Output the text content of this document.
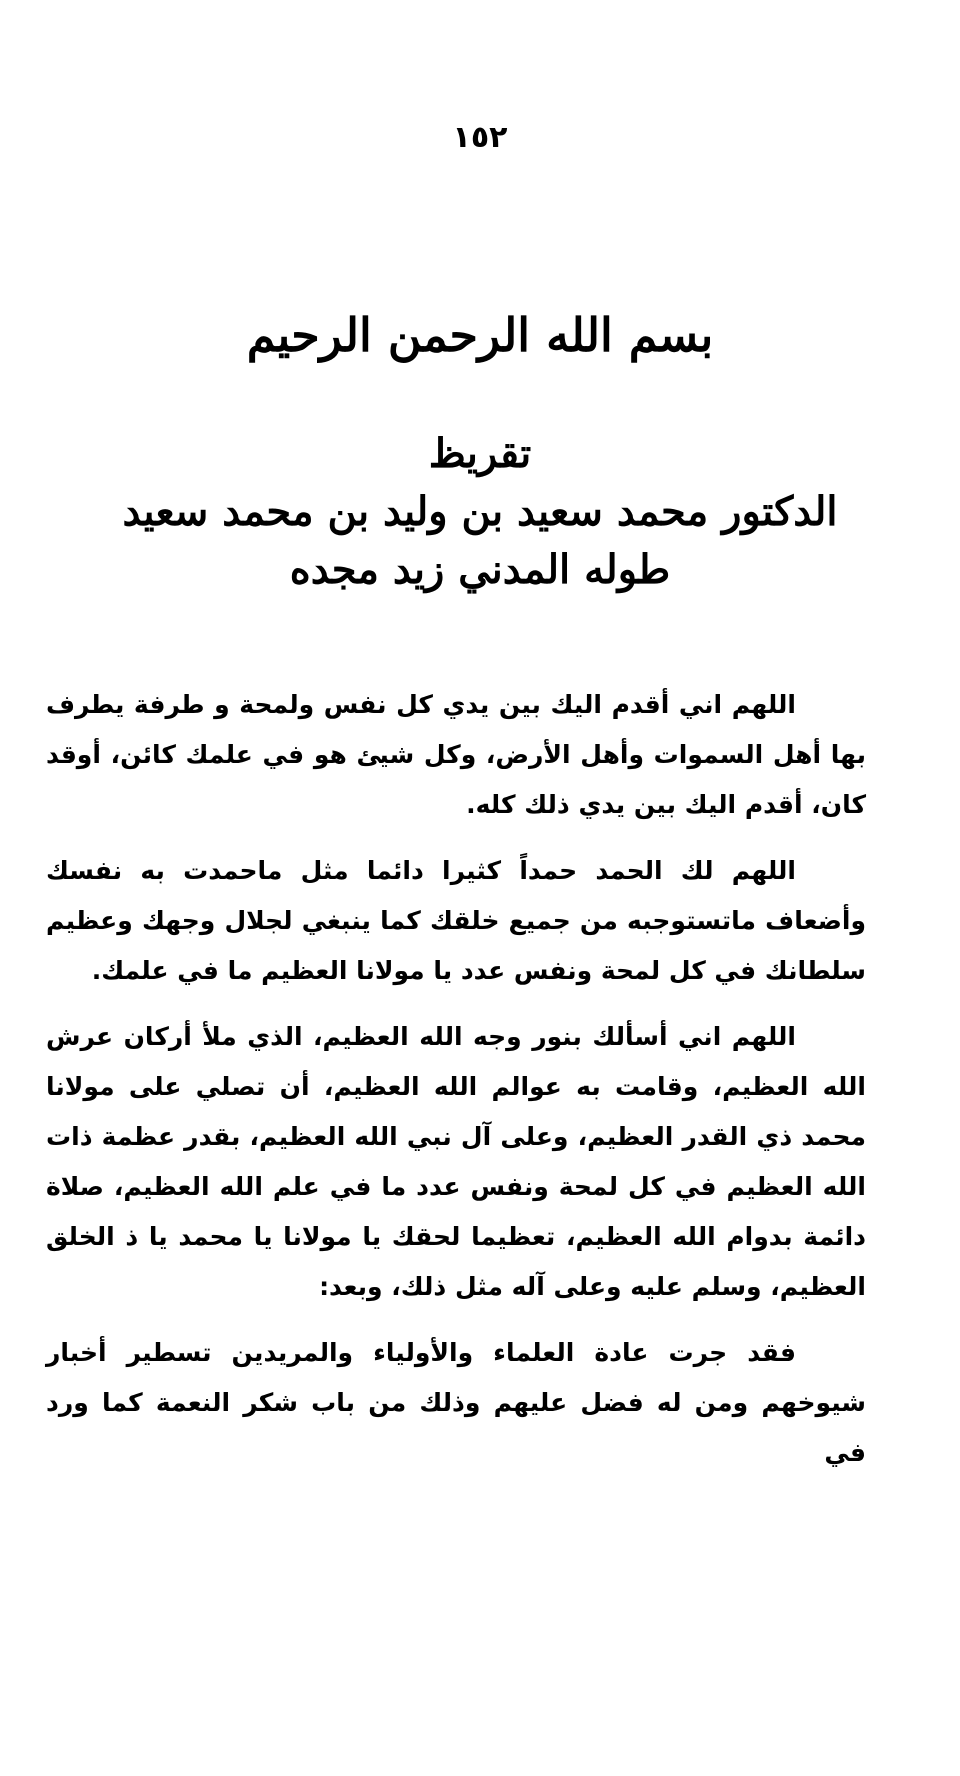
١٥٢
بسم الله الرحمن الرحيم
تقريظ
الدكتور محمد سعيد بن وليد بن محمد سعيد
طوله المدني زيد مجده

اللهم اني أقدم اليك بين يدي كل نفس ولمحة و طرفة يطرف بها أهل السموات وأهل الأرض، وكل شيئ هو في علمك كائن، أوقد كان، أقدم اليك بين يدي ذلك كله.

اللهم لك الحمد حمداً كثيرا دائما مثل ماحمدت به نفسك وأضعاف ماتستوجبه من جميع خلقك كما ينبغي لجلال وجهك وعظيم سلطانك في كل لمحة ونفس عدد يا مولانا العظيم ما في علمك.

اللهم اني أسألك بنور وجه الله العظيم، الذي ملأ أركان عرش الله العظيم، وقامت به عوالم الله العظيم، أن تصلي على مولانا محمد ذي القدر العظيم، وعلى آل نبي الله العظيم، بقدر عظمة ذات الله العظيم في كل لمحة ونفس عدد ما في علم الله العظيم، صلاة دائمة بدوام الله العظيم، تعظيما لحقك يا مولانا يا محمد يا ذ الخلق العظيم، وسلم عليه وعلى آله مثل ذلك، وبعد:

فقد جرت عادة العلماء والأولياء والمريدين تسطير أخبار شيوخهم ومن له فضل عليهم وذلك من باب شكر النعمة كما ورد في
